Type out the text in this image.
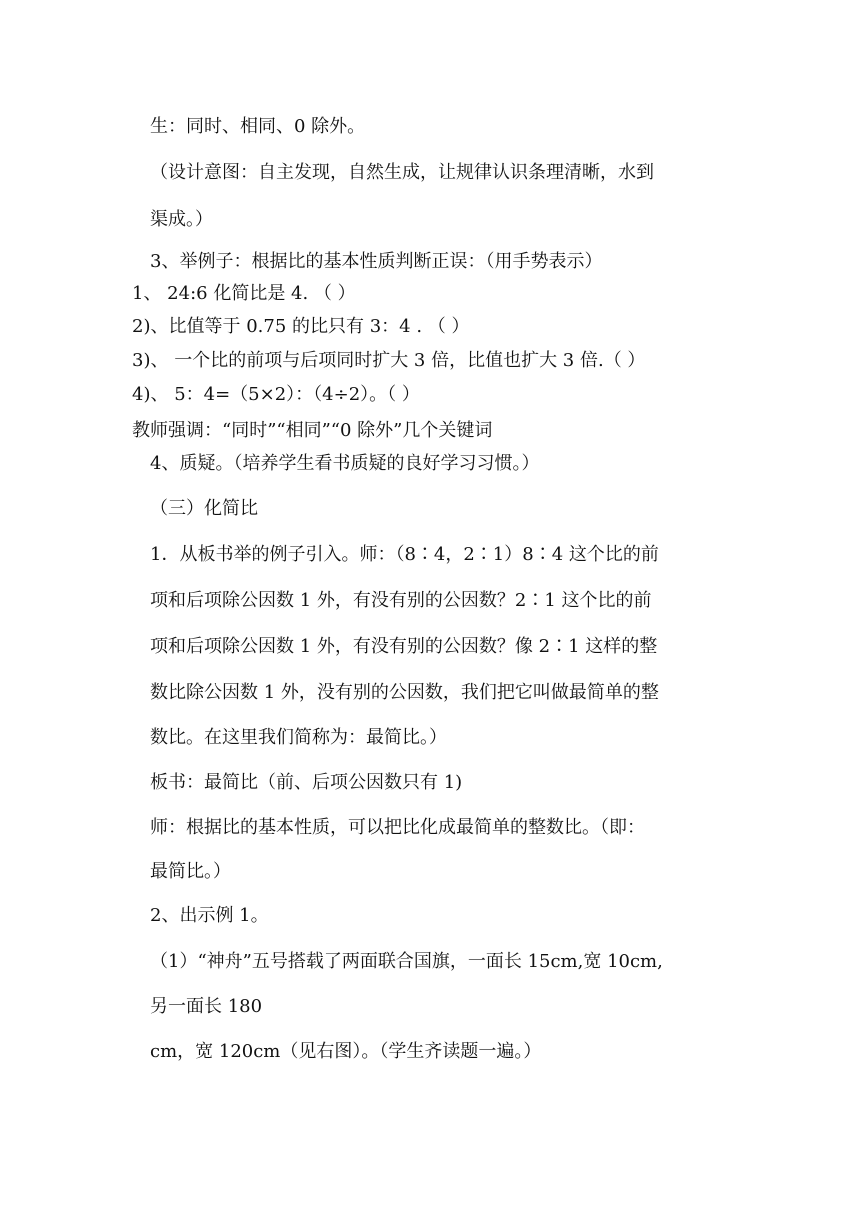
生：同时、相同、0 除外。
（设计意图：自主发现，自然生成，让规律认识条理清晰，水到
渠成。）
3、举例子：根据比的基本性质判断正误：（用手势表示）
1、 24:6 化简比是 4. （ ）
2)、比值等于 0.75 的比只有 3：4 . （ ）
3)、 一个比的前项与后项同时扩大 3 倍，比值也扩大 3 倍.（ ）
4)、 5：4=（5×2）：（4÷2）。（ ）
教师强调：“同时”“相同”“0 除外”几个关键词
4、质疑。（培养学生看书质疑的良好学习习惯。）
（三）化简比
1．从板书举的例子引入。师：（8∶4，2∶1）8∶4 这个比的前
项和后项除公因数 1 外，有没有别的公因数？2∶1 这个比的前
项和后项除公因数 1 外，有没有别的公因数？像 2∶1 这样的整
数比除公因数 1 外，没有别的公因数，我们把它叫做最简单的整
数比。在这里我们简称为：最简比。）
板书：最简比（前、后项公因数只有 1)
师：根据比的基本性质，可以把比化成最简单的整数比。（即：
最简比。）
2、出示例 1。
（1）“神舟”五号搭载了两面联合国旗，一面长 15cm,宽 10cm,
另一面长 180
cm，宽 120cm（见右图）。（学生齐读题一遍。）
